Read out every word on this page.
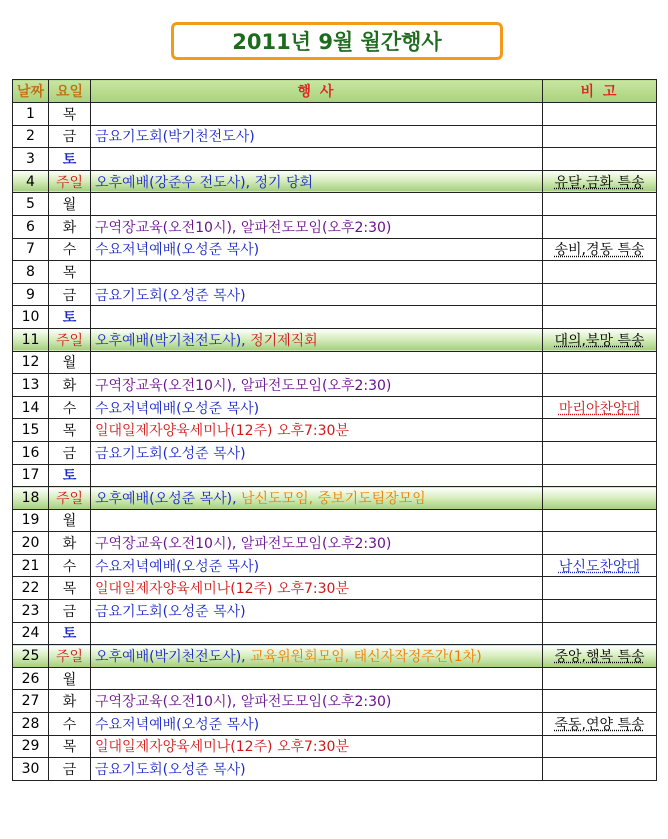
2011년 9월 월간행사
날짜	요일	행 사	비 고
1	목		
2	금	금요기도회(박기천전도사)	
3	토		
4	주일	오후예배(강준우 전도사), 정기 당회	유달,금화 특송
5	월		
6	화	구역장교육(오전10시), 알파전도모임(오후2:30)	
7	수	수요저녁예배(오성준 목사)	송비,경동 특송
8	목		
9	금	금요기도회(오성준 목사)	
10	토		
11	주일	오후예배(박기천전도사), 정기제직회	대의,북망 특송
12	월		
13	화	구역장교육(오전10시), 알파전도모임(오후2:30)	
14	수	수요저녁예배(오성준 목사)	마리아찬양대
15	목	일대일제자양육세미나(12주) 오후7:30분	
16	금	금요기도회(오성준 목사)	
17	토		
18	주일	오후예배(오성준 목사), 남신도모임, 중보기도팀장모임	
19	월		
20	화	구역장교육(오전10시), 알파전도모임(오후2:30)	
21	수	수요저녁예배(오성준 목사)	남신도찬양대
22	목	일대일제자양육세미나(12주) 오후7:30분	
23	금	금요기도회(오성준 목사)	
24	토		
25	주일	오후예배(박기천전도사), 교육위원회모임, 태신자작정주간(1차)	중앙,행복 특송
26	월		
27	화	구역장교육(오전10시), 알파전도모임(오후2:30)	
28	수	수요저녁예배(오성준 목사)	죽동,연양 특송
29	목	일대일제자양육세미나(12주) 오후7:30분	
30	금	금요기도회(오성준 목사)	
